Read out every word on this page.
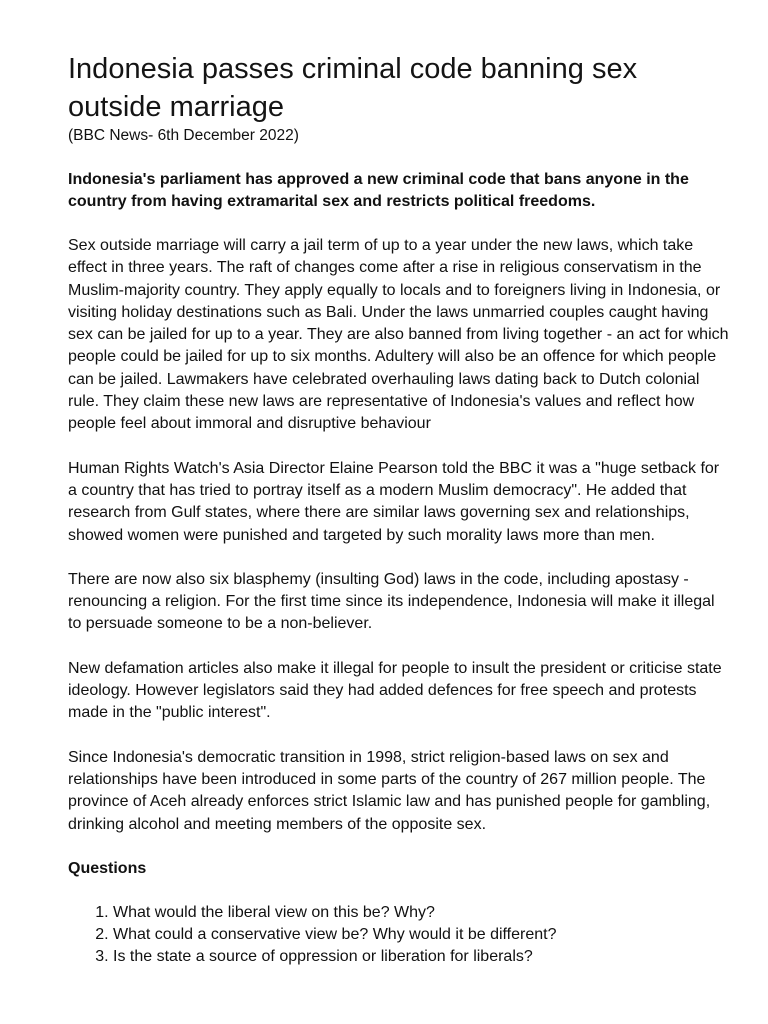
Indonesia passes criminal code banning sex outside marriage
(BBC News- 6th December 2022)

Indonesia's parliament has approved a new criminal code that bans anyone in the country from having extramarital sex and restricts political freedoms.

Sex outside marriage will carry a jail term of up to a year under the new laws, which take effect in three years. The raft of changes come after a rise in religious conservatism in the Muslim-majority country. They apply equally to locals and to foreigners living in Indonesia, or visiting holiday destinations such as Bali. Under the laws unmarried couples caught having sex can be jailed for up to a year. They are also banned from living together - an act for which people could be jailed for up to six months. Adultery will also be an offence for which people can be jailed. Lawmakers have celebrated overhauling laws dating back to Dutch colonial rule. They claim these new laws are representative of Indonesia's values and reflect how people feel about immoral and disruptive behaviour

Human Rights Watch's Asia Director Elaine Pearson told the BBC it was a "huge setback for a country that has tried to portray itself as a modern Muslim democracy". He added that research from Gulf states, where there are similar laws governing sex and relationships, showed women were punished and targeted by such morality laws more than men.

There are now also six blasphemy (insulting God) laws in the code, including apostasy - renouncing a religion. For the first time since its independence, Indonesia will make it illegal to persuade someone to be a non-believer.

New defamation articles also make it illegal for people to insult the president or criticise state ideology. However legislators said they had added defences for free speech and protests made in the "public interest".

Since Indonesia's democratic transition in 1998, strict religion-based laws on sex and relationships have been introduced in some parts of the country of 267 million people. The province of Aceh already enforces strict Islamic law and has punished people for gambling, drinking alcohol and meeting members of the opposite sex.

Questions
1. What would the liberal view on this be? Why?
2. What could a conservative view be? Why would it be different?
3. Is the state a source of oppression or liberation for liberals?
